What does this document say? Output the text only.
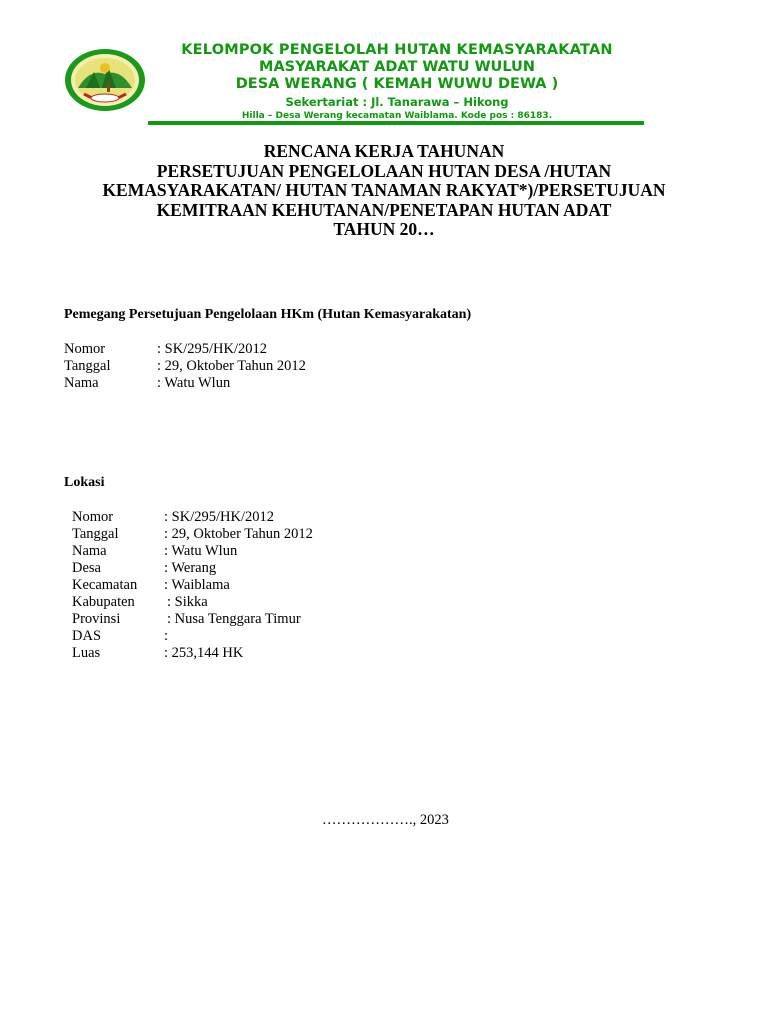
KELOMPOK PENGELOLAH HUTAN KEMASYARAKATAN
MASYARAKAT ADAT WATU WULUN
DESA WERANG ( KEMAH WUWU DEWA )
Sekertariat : Jl. Tanarawa – Hikong
Hilla – Desa Werang kecamatan Waiblama. Kode pos : 86183.
RENCANA KERJA TAHUNAN
PERSETUJUAN PENGELOLAAN HUTAN DESA /HUTAN
KEMASYARAKATAN/ HUTAN TANAMAN RAKYAT*)/PERSETUJUAN
KEMITRAAN KEHUTANAN/PENETAPAN HUTAN ADAT
TAHUN 20…
Pemegang Persetujuan Pengelolaan HKm (Hutan Kemasyarakatan)
Nomor	: SK/295/HK/2012
Tanggal	: 29, Oktober Tahun 2012
Nama	: Watu Wlun
Lokasi
Nomor	: SK/295/HK/2012
Tanggal	: 29, Oktober Tahun 2012
Nama	: Watu Wlun
Desa	: Werang
Kecamatan	: Waiblama
Kabupaten	: Sikka
Provinsi	: Nusa Tenggara Timur
DAS	:
Luas	: 253,144 HK
………………., 2023
